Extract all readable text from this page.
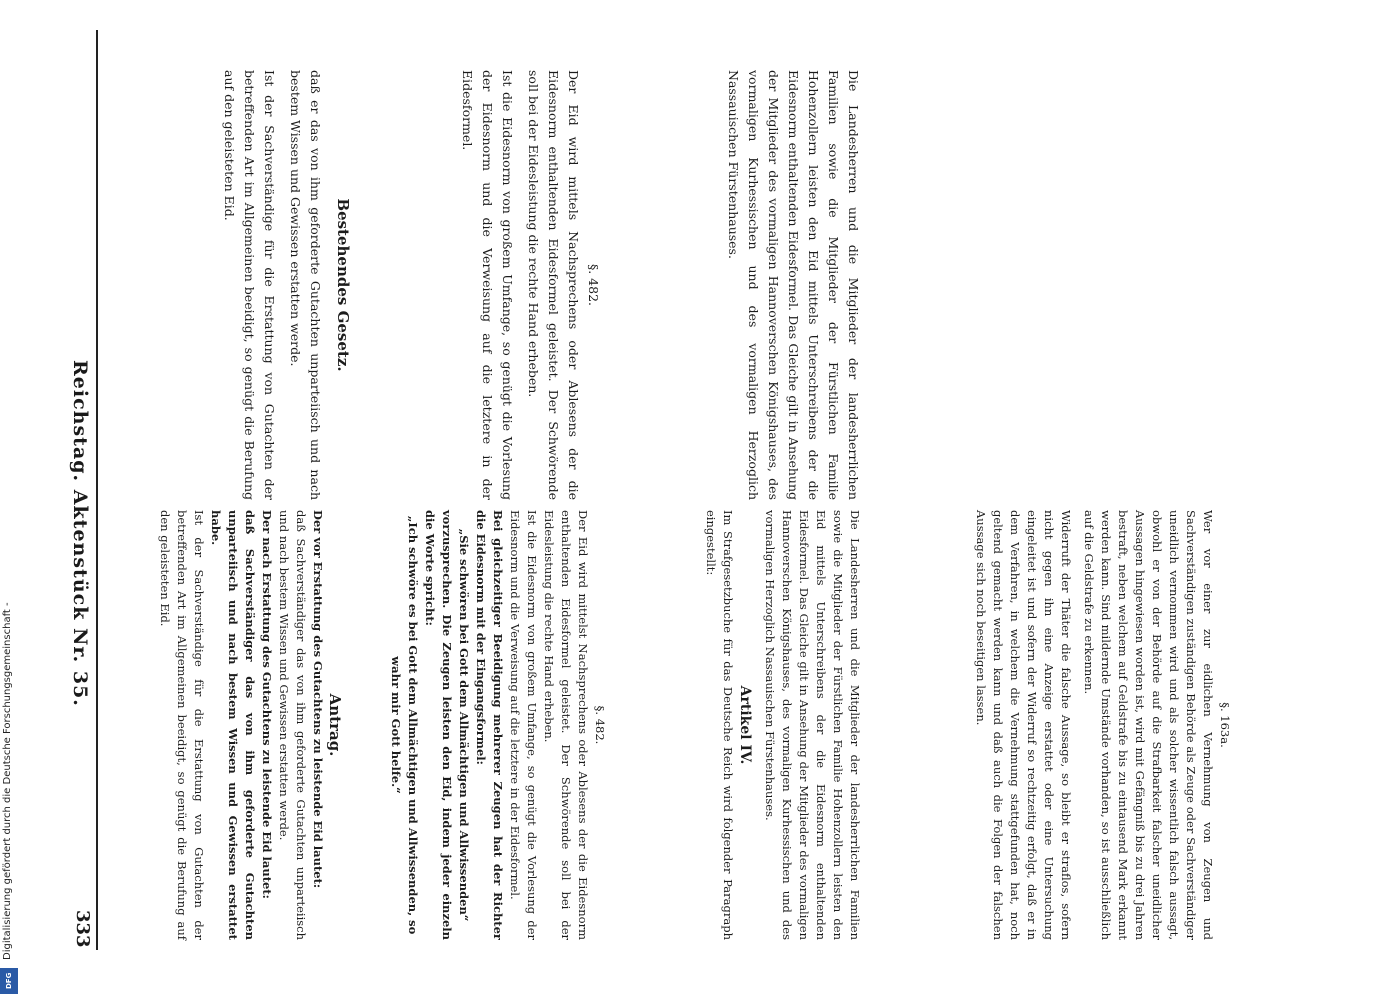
333
Reichstag. Aktenstück Nr. 35.
Bestehendes Gesetz.
daß er das von ihm geforderte Gutachten unparteiisch und nach bestem Wissen und Gewissen erstatten werde.
Ist der Sachverständige für die Erstattung von Gutachten der betreffenden Art im Allgemeinen beeidigt, so genügt die Berufung auf den geleisteten Eid.
§. 482.
Der Eid wird mittels Nachsprechens oder Ablesens der die Eidesnorm enthaltenden Eidesformel geleistet. Der Schwörende soll bei der Eidesleistung die rechte Hand erheben.
Ist die Eidesnorm von großem Umfange, so genügt die Vorlesung der Eidesnorm und die Verweisung auf die letztere in der Eidesformel.	Die Landesherren und die Mitglieder der landesherrlichen Familien sowie die Mitglieder der Fürstlichen Familie Hohenzollern leisten den Eid mittels Unterschreibens der die Eidesnorm enthaltenden Eidesformel. Das Gleiche gilt in Ansehung der Mitglieder des vormaligen Hannoverschen Königshauses, des vormaligen Kurhessischen und des vormaligen Herzoglich Nassauischen Fürstenhauses.
Antrag.
Der vor Erstattung des Gutachtens zu leistende Eid lautet:
daß Sachverständiger das von ihm geforderte Gutachten unparteiisch und nach bestem Wissen und Gewissen erstatten werde.
Der nach Erstattung des Gutachtens zu leistende Eid lautet:
daß Sachverständiger das von ihm geforderte Gutachten unparteiisch und nach bestem Wissen und Gewissen erstattet habe.
Ist der Sachverständige für die Erstattung von Gutachten der betreffenden Art im Allgemeinen beeidigt, so genügt die Berufung auf den geleisteten Eid.
§. 482.
Der Eid wird mittelst Nachsprechens oder Ablesens der die Eidesnorm enthaltenden Eidesformel geleistet. Der Schwörende soll bei der Eidesleistung die rechte Hand erheben.
Ist die Eidesnorm von großem Umfange, so genügt die Vorlesung der Eidesnorm und die Verweisung auf die letztere in der Eidesformel.
Bei gleichzeitiger Beeidigung mehrerer Zeugen hat der Richter die Eidesnorm mit der Eingangsformel:
„Sie schwören bei Gott dem Allmächtigen und Allwissenden“
vorzusprechen. Die Zeugen leisten den Eid, indem jeder einzeln die Worte spricht:
„Ich schwöre es bei Gott dem Allmächtigen und Allwissenden, so wahr mir Gott helfe.“	Die Landesherren und die Mitglieder der landesherrlichen Familien sowie die Mitglieder der Fürstlichen Familie Hohenzollern leisten den Eid mittels Unterschreibens der die Eidesnorm enthaltenden Eidesformel. Das Gleiche gilt in Ansehung der Mitglieder des vormaligen Hannoverschen Königshauses, des vormaligen Kurhessischen und des vormaligen Herzoglich Nassauischen Fürstenhauses.
Artikel IV.
Im Strafgesetzbuche für das Deutsche Reich wird folgender Paragraph eingestellt:
§. 163a.
Wer vor einer zur eidlichen Vernehmung von Zeugen und Sachverständigen zuständigen Behörde als Zeuge oder Sachverständiger uneidlich vernommen wird und als solcher wissentlich falsch aussagt, obwohl er von der Behörde auf die Strafbarkeit falscher uneidlicher Aussagen hingewiesen worden ist, wird mit Gefängniß bis zu drei Jahren bestraft, neben welchem auf Geldstrafe bis zu eintausend Mark erkannt werden kann. Sind mildernde Umstände vorhanden, so ist ausschließlich auf die Geldstrafe zu erkennen.
Widerruft der Thäter die falsche Aussage, so bleibt er straflos, sofern nicht gegen ihn eine Anzeige erstattet oder eine Untersuchung eingeleitet ist und sofern der Widerruf so rechtzeitig erfolgt, daß er in dem Verfahren, in welchem die Vernehmung stattgefunden hat, noch geltend gemacht werden kann und daß auch die Folgen der falschen Aussage sich noch beseitigen lassen.
Digitalisierung gefördert durch die Deutsche Forschungsgemeinschaft -
DFG
